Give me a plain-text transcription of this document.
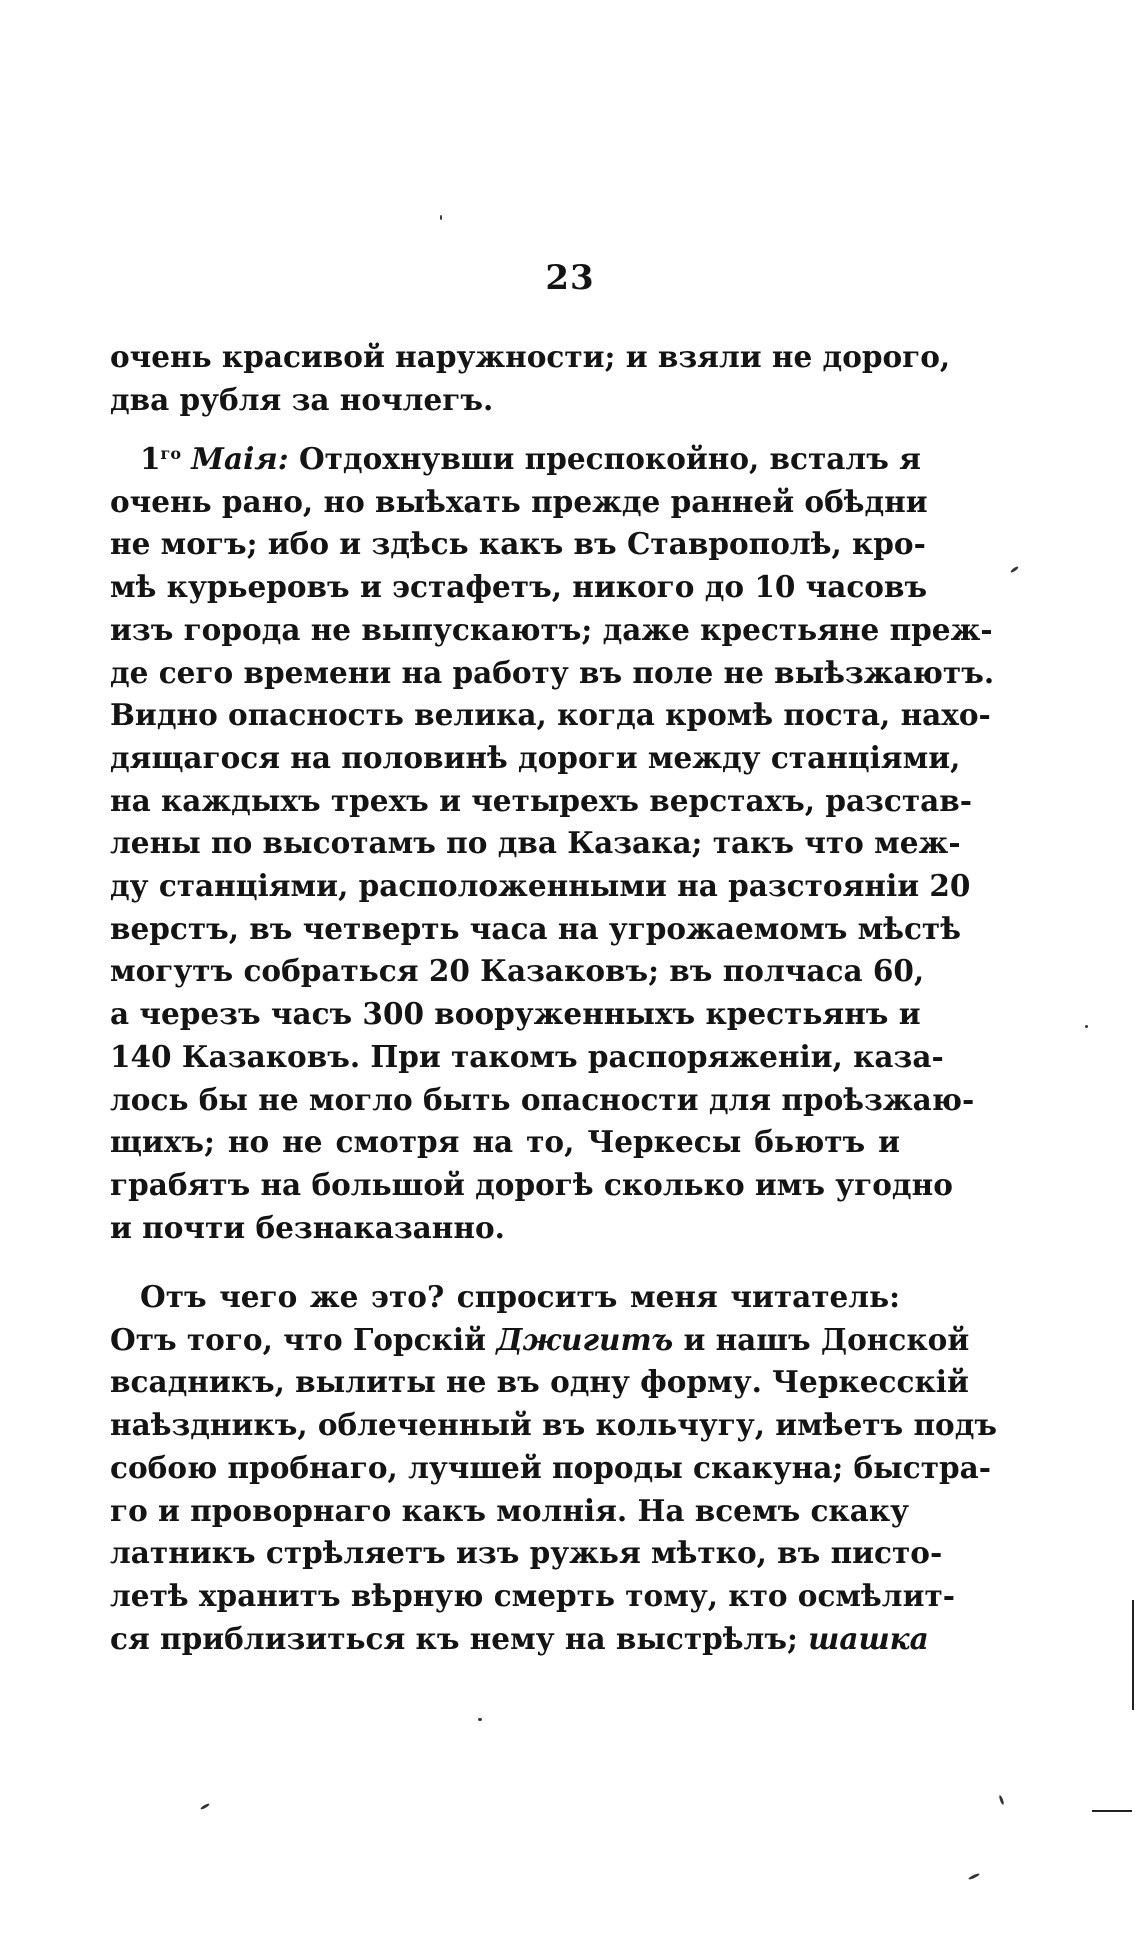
23
очень красивой наружности; и взяли не дорого,
два рубля за ночлегъ.
$1^{го}$ Маія: Отдохнувши преспокойно, всталъ я
очень рано, но выѣхать прежде ранней обѣдни
не могъ; ибо и здѣсь какъ въ Ставрополѣ, кро-
мѣ курьеровъ и эстафетъ, никого до 10 часовъ
изъ города не выпускаютъ; даже крестьяне преж-
де сего времени на работу въ поле не выѣзжаютъ.
Видно опасность велика, когда кромѣ поста, нахо-
дящагося на половинѣ дороги между станціями,
на каждыхъ трехъ и четырехъ верстахъ, разстав-
лены по высотамъ по два Казака; такъ что меж-
ду станціями, расположенными на разстояніи 20
верстъ, въ четверть часа на угрожаемомъ мѣстѣ
могутъ собраться 20 Казаковъ; въ полчаса 60,
а черезъ часъ 300 вооруженныхъ крестьянъ и
140 Казаковъ. При такомъ распоряженіи, каза-
лось бы не могло быть опасности для проѣзжаю-
щихъ; но не смотря на то, Черкесы бьютъ и
грабятъ на большой дорогѣ сколько имъ угодно
и почти безнаказанно.
Отъ чего же это? спроситъ меня читатель:
Отъ того, что Горскій Джигитъ и нашъ Донской
всадникъ, вылиты не въ одну форму. Черкесскій
наѣздникъ, облеченный въ кольчугу, имѣетъ подъ
собою пробнаго, лучшей породы скакуна; быстра-
го и проворнаго какъ молнія. На всемъ скаку
латникъ стрѣляетъ изъ ружья мѣтко, въ писто-
летѣ хранитъ вѣрную смерть тому, кто осмѣлит-
ся приблизиться къ нему на выстрѣлъ; шашка
